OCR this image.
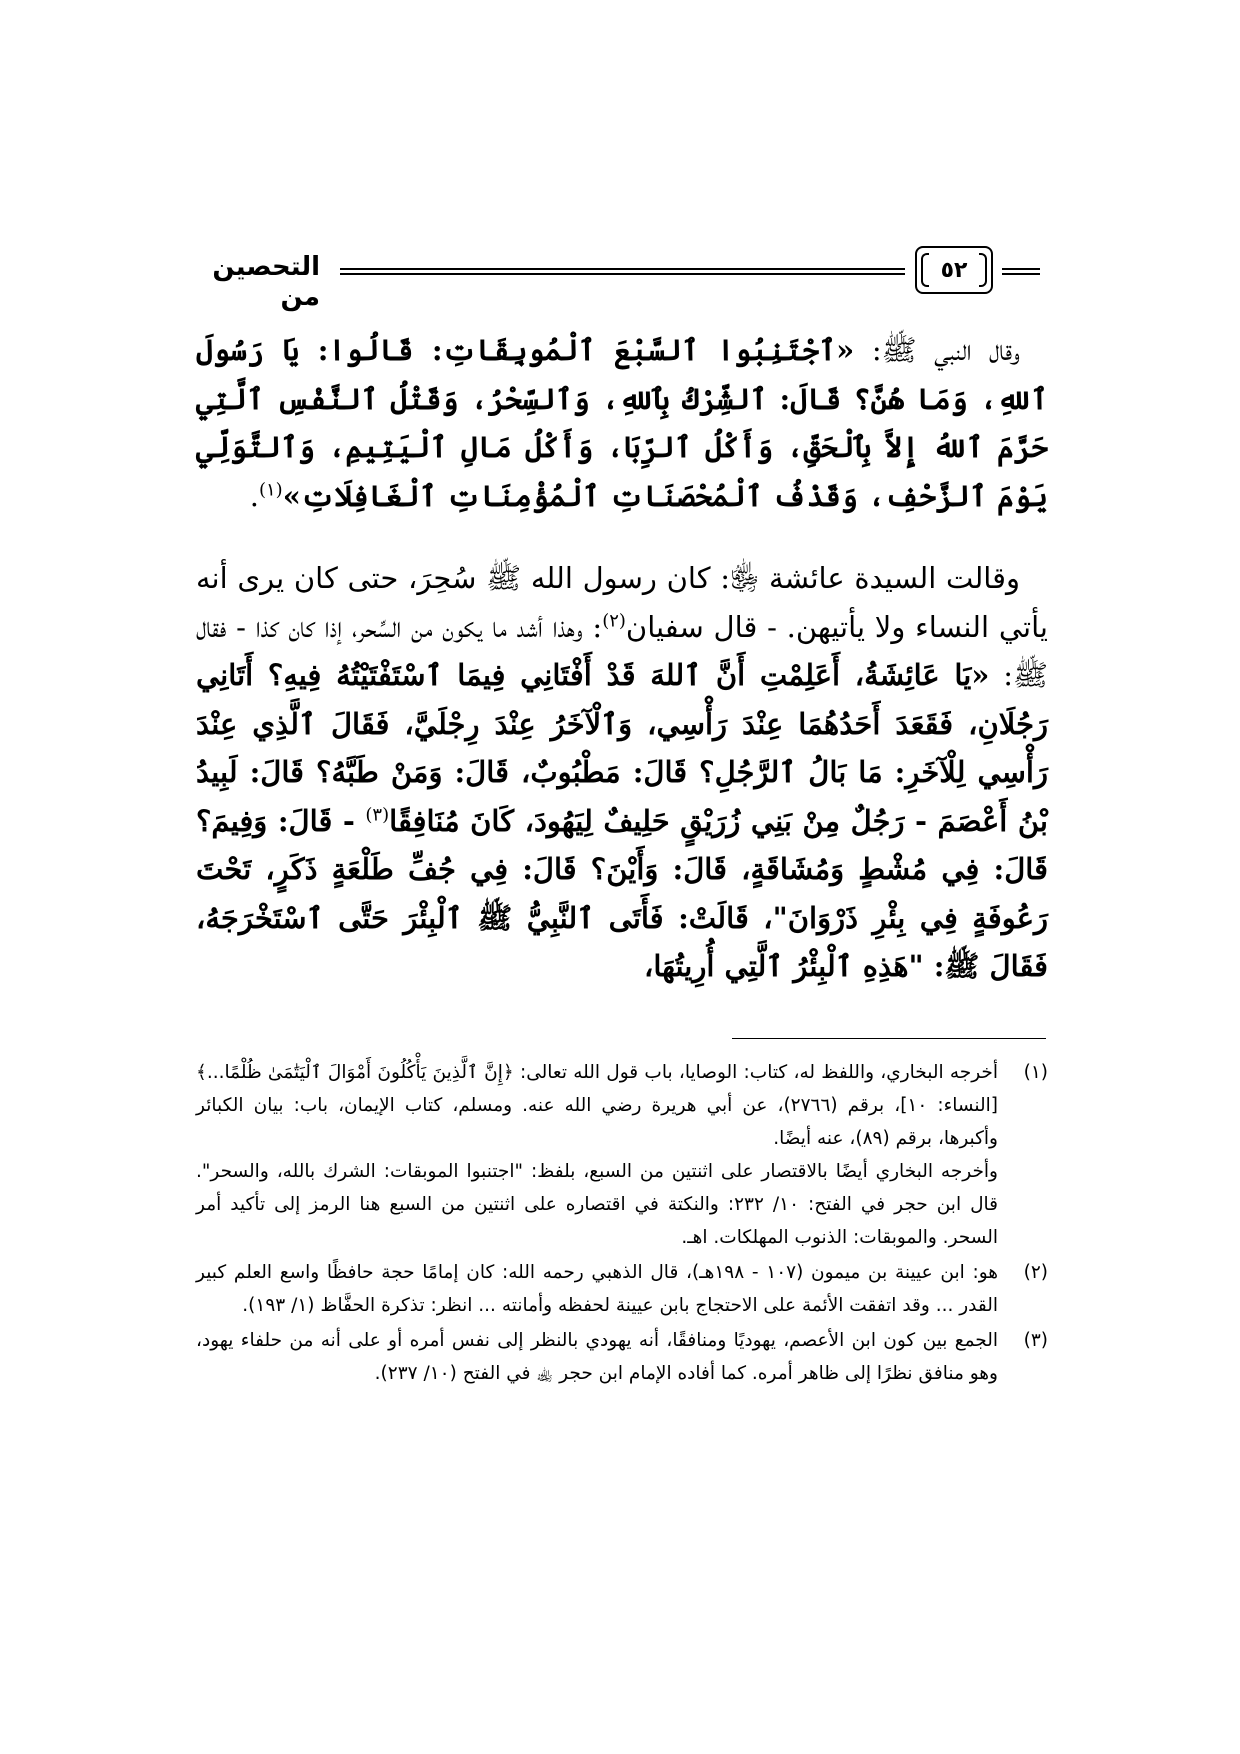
٥٢
التحصين من

وقال النبي ﷺ: «ٱجْتَنِبُوا ٱلسَّبْعَ ٱلْمُوبِقَاتِ: قَالُوا: يَا رَسُولَ ٱللهِ، وَمَا هُنَّ؟ قَالَ: ٱلشِّرْكُ بِٱللهِ، وَٱلسِّحْرُ، وَقَتْلُ ٱلنَّفْسِ ٱلَّتِي حَرَّمَ ٱللهُ إِلاَّ بِٱلْحَقِّ، وَأَكْلُ ٱلرِّبَا، وَأَكْلُ مَالِ ٱلْيَتِيمِ، وَٱلتَّوَلِّي يَوْمَ ٱلزَّحْفِ، وَقَذْفُ ٱلْمُحْصَنَاتِ ٱلْمُؤْمِنَاتِ ٱلْغَافِلَاتِ»$^{(١)}$.

وقالت السيدة عائشة ﵂: كان رسول الله ﷺ سُحِرَ، حتى كان يرى أنه يأتي النساء ولا يأتيهن. - قال سفيان$^{(٢)}$: وهذا أشد ما يكون من السِّحر، إذا كان كذا - فقال ﷺ: «يَا عَائِشَةُ، أَعَلِمْتِ أَنَّ ٱللهَ قَدْ أَفْتَانِي فِيمَا ٱسْتَفْتَيْتُهُ فِيهِ؟ أَتَانِي رَجُلَانِ، فَقَعَدَ أَحَدُهُمَا عِنْدَ رَأْسِي، وَٱلْآخَرُ عِنْدَ رِجْلَيَّ، فَقَالَ ٱلَّذِي عِنْدَ رَأْسِي لِلْآخَرِ: مَا بَالُ ٱلرَّجُلِ؟ قَالَ: مَطْبُوبٌ، قَالَ: وَمَنْ طَبَّهُ؟ قَالَ: لَبِيدُ بْنُ أَعْصَمَ - رَجُلٌ مِنْ بَنِي زُرَيْقٍ حَلِيفٌ لِيَهُودَ، كَانَ مُنَافِقًا$^{(٣)}$ - قَالَ: وَفِيمَ؟ قَالَ: فِي مُشْطٍ وَمُشَاقَةٍ، قَالَ: وَأَيْنَ؟ قَالَ: فِي جُفِّ طَلْعَةٍ ذَكَرٍ، تَحْتَ رَعُوفَةٍ فِي بِئْرِ ذَرْوَانَ"، قَالَتْ: فَأَتَى ٱلنَّبِيُّ ﷺ ٱلْبِئْرَ حَتَّى ٱسْتَخْرَجَهُ، فَقَالَ ﷺ: "هَذِهِ ٱلْبِئْرُ ٱلَّتِي أُرِيتُهَا،

(١)

أخرجه البخاري، واللفظ له، كتاب: الوصايا، باب قول الله تعالى: ﴿إِنَّ ٱلَّذِينَ يَأْكُلُونَ أَمْوَالَ ٱلْيَتَٰمَىٰ ظُلْمًا...﴾ [النساء: ١٠]، برقم (٢٧٦٦)، عن أبي هريرة رضي الله عنه. ومسلم، كتاب الإيمان، باب: بيان الكبائر وأكبرها، برقم (٨٩)، عنه أيضًا.

وأخرجه البخاري أيضًا بالاقتصار على اثنتين من السبع، بلفظ: "اجتنبوا الموبقات: الشرك بالله، والسحر". قال ابن حجر في الفتح: ١٠/ ٢٣٢: والنكتة في اقتصاره على اثنتين من السبع هنا الرمز إلى تأكيد أمر السحر. والموبقات: الذنوب المهلكات. اهـ.

(٢)

هو: ابن عيينة بن ميمون (١٠٧ - ١٩٨هـ)، قال الذهبي رحمه الله: كان إمامًا حجة حافظًا واسع العلم كبير القدر ... وقد اتفقت الأئمة على الاحتجاج بابن عيينة لحفظه وأمانته ... انظر: تذكرة الحفَّاظ (١/ ١٩٣).

(٣)

الجمع بين كون ابن الأعصم، يهوديًا ومنافقًا، أنه يهودي بالنظر إلى نفس أمره أو على أنه من حلفاء يهود، وهو منافق نظرًا إلى ظاهر أمره. كما أفاده الإمام ابن حجر ﵀ في الفتح (١٠/ ٢٣٧).
